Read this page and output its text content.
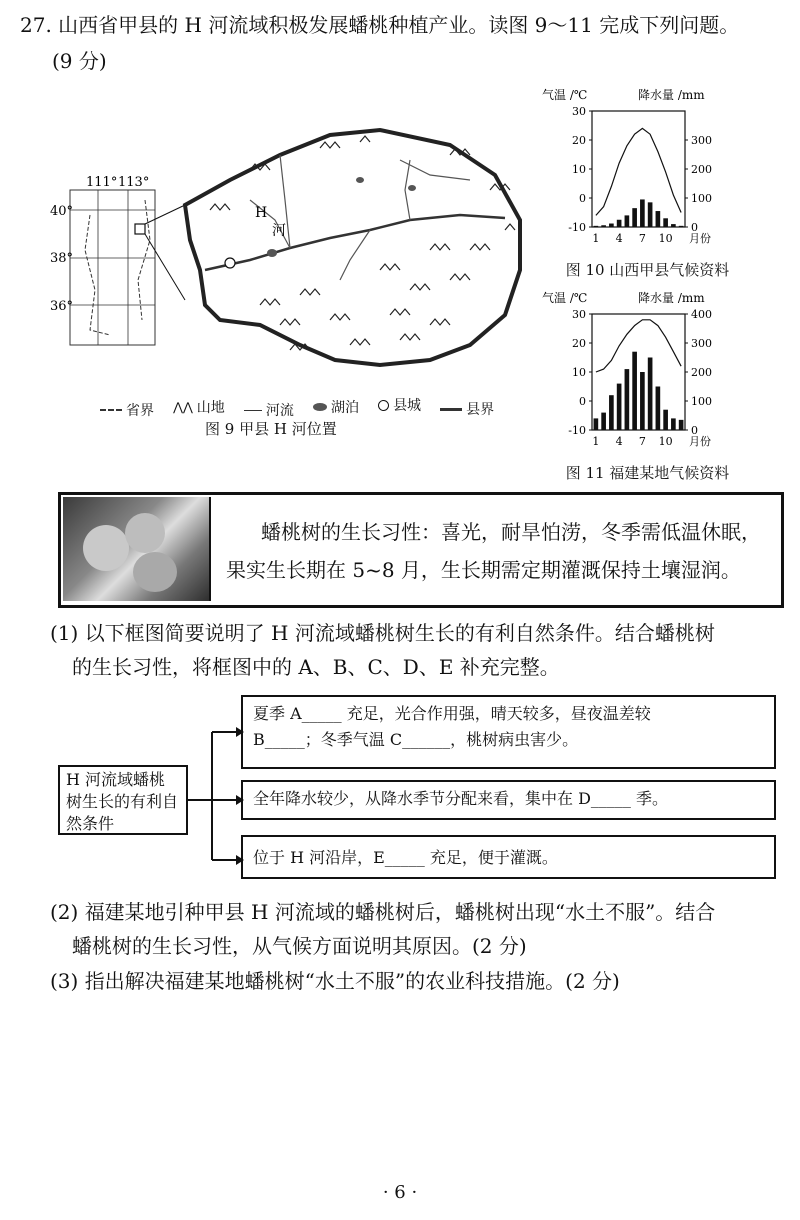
27. 山西省甲县的 H 河流域积极发展蟠桃种植产业。读图 9～11 完成下列问题。
(9 分)
111° 113°
40°
38°
36°
H
河
省界
⋀⋀ 山地
	河流
	湖泊
县城
	县界
图 9 甲县 H 河位置
气温 /℃	降水量 /mm
30
20
10
0
-10
300
200
100
0
1 4 7 10 月份
图 10 山西甲县气候资料
气温 /℃	降水量 /mm
30
20
10
0
-10
400
300
200
100
0
1 4 7 10 月份
图 11 福建某地气候资料
蟠桃树的生长习性：喜光，耐旱怕涝，冬季需低温休眠，
果实生长期在 5~8 月，生长期需定期灌溉保持土壤湿润。
(1) 以下框图简要说明了 H 河流域蟠桃树生长的有利自然条件。结合蟠桃树
的生长习性，将框图中的 A、B、C、D、E 补充完整。
H 河流域蟠桃树生长的有利自然条件
夏季 A_____ 充足，光合作用强，晴天较多，昼夜温差较
B_____；冬季气温 C______，桃树病虫害少。
全年降水较少，从降水季节分配来看，集中在 D_____ 季。
位于 H 河沿岸，E_____ 充足，便于灌溉。
(2) 福建某地引种甲县 H 河流域的蟠桃树后，蟠桃树出现“水土不服”。结合
蟠桃树的生长习性，从气候方面说明其原因。(2 分)
(3) 指出解决福建某地蟠桃树“水土不服”的农业科技措施。(2 分)
· 6 ·
